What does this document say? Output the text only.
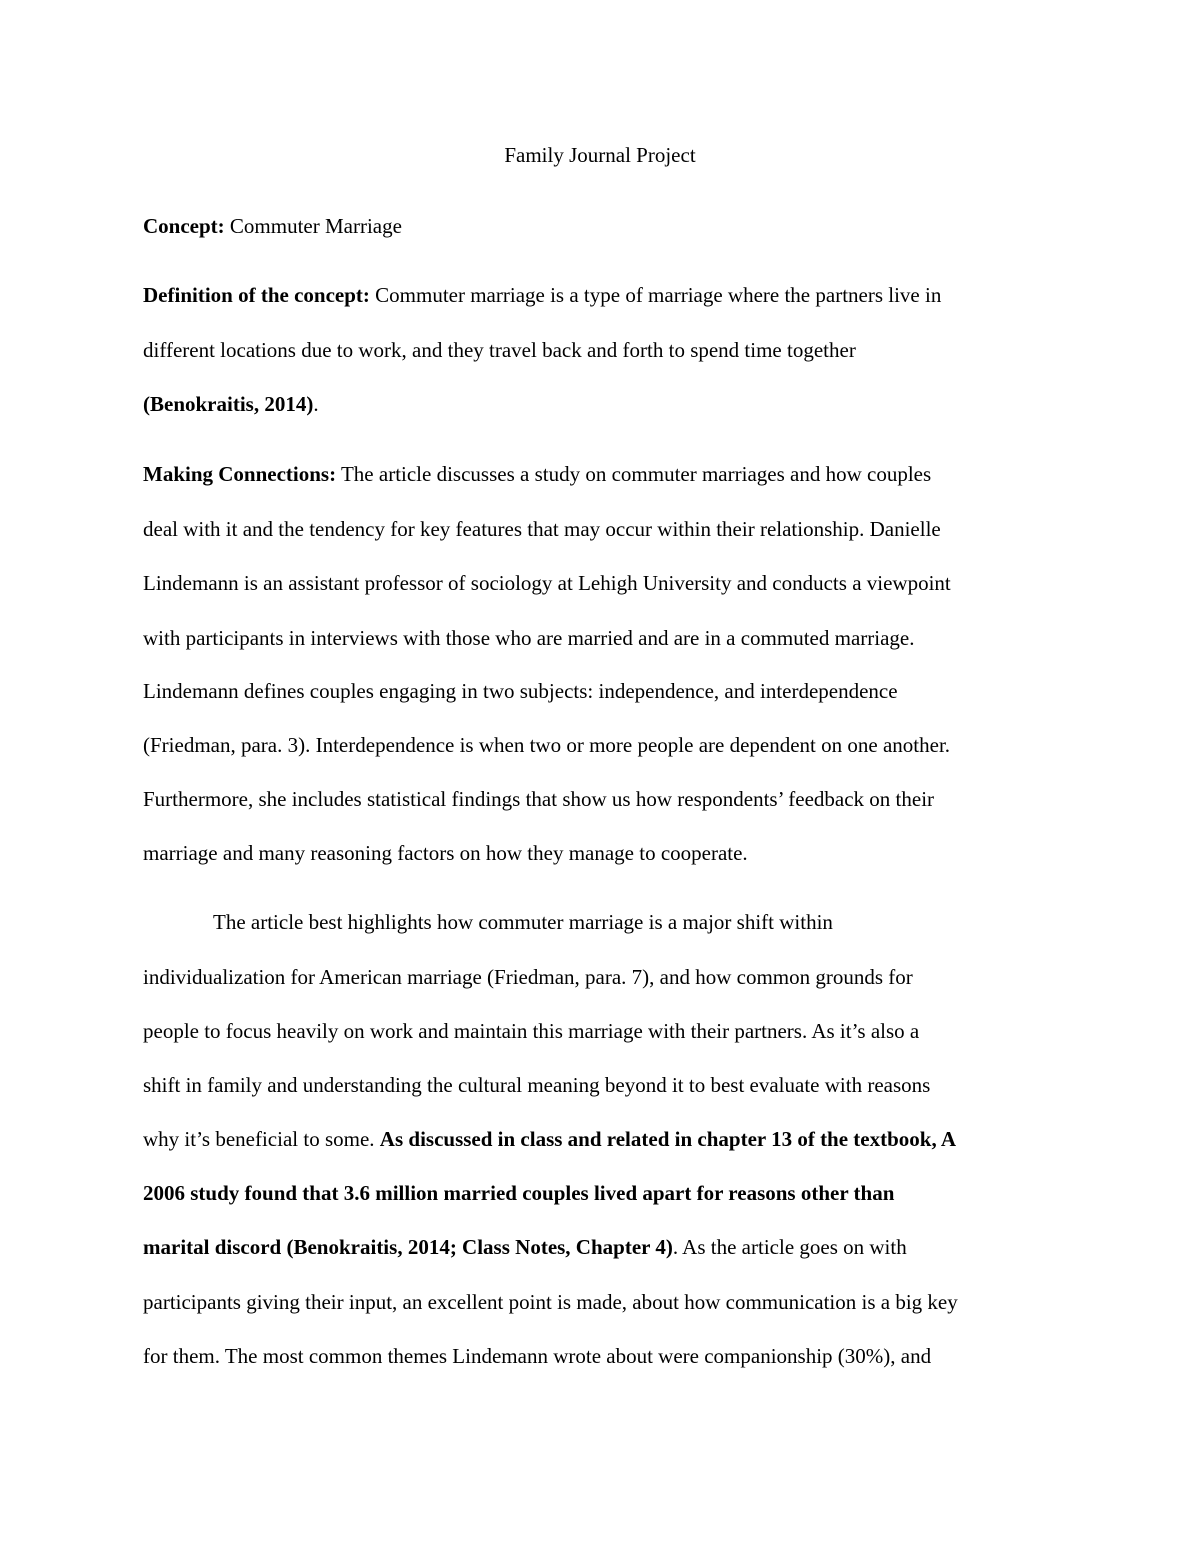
Family Journal Project
Concept: Commuter Marriage
Definition of the concept: Commuter marriage is a type of marriage where the partners live in
different locations due to work, and they travel back and forth to spend time together
(Benokraitis, 2014).
Making Connections: The article discusses a study on commuter marriages and how couples
deal with it and the tendency for key features that may occur within their relationship. Danielle
Lindemann is an assistant professor of sociology at Lehigh University and conducts a viewpoint
with participants in interviews with those who are married and are in a commuted marriage.
Lindemann defines couples engaging in two subjects: independence, and interdependence
(Friedman, para. 3). Interdependence is when two or more people are dependent on one another.
Furthermore, she includes statistical findings that show us how respondents’ feedback on their
marriage and many reasoning factors on how they manage to cooperate.
The article best highlights how commuter marriage is a major shift within
individualization for American marriage (Friedman, para. 7), and how common grounds for
people to focus heavily on work and maintain this marriage with their partners. As it’s also a
shift in family and understanding the cultural meaning beyond it to best evaluate with reasons
why it’s beneficial to some. As discussed in class and related in chapter 13 of the textbook, A
2006 study found that 3.6 million married couples lived apart for reasons other than
marital discord (Benokraitis, 2014; Class Notes, Chapter 4). As the article goes on with
participants giving their input, an excellent point is made, about how communication is a big key
for them. The most common themes Lindemann wrote about were companionship (30%), and
